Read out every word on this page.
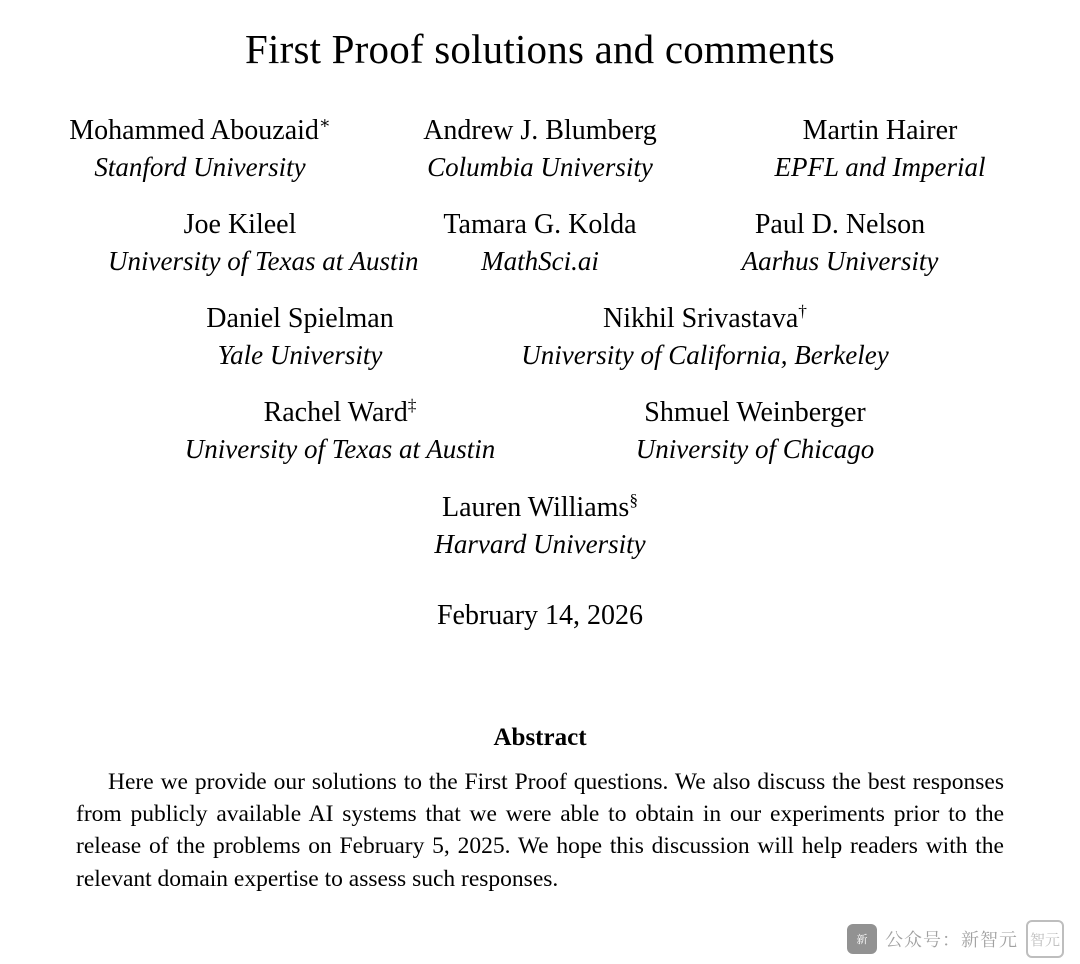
First Proof solutions and comments
Mohammed Abouzaid∗
Stanford University
Andrew J. Blumberg
Columbia University
Martin Hairer
EPFL and Imperial
Joe Kileel
University of Texas at Austin
Tamara G. Kolda
MathSci.ai
Paul D. Nelson
Aarhus University
Daniel Spielman
Yale University
Nikhil Srivastava†
University of California, Berkeley
Rachel Ward‡
University of Texas at Austin
Shmuel Weinberger
University of Chicago
Lauren Williams§
Harvard University
February 14, 2026
Abstract
Here we provide our solutions to the First Proof questions. We also discuss the best responses from publicly available AI systems that we were able to obtain in our experiments prior to the release of the problems on February 5, 2025. We hope this discussion will help readers with the relevant domain expertise to assess such responses.
新 公众号：新智元 智元
